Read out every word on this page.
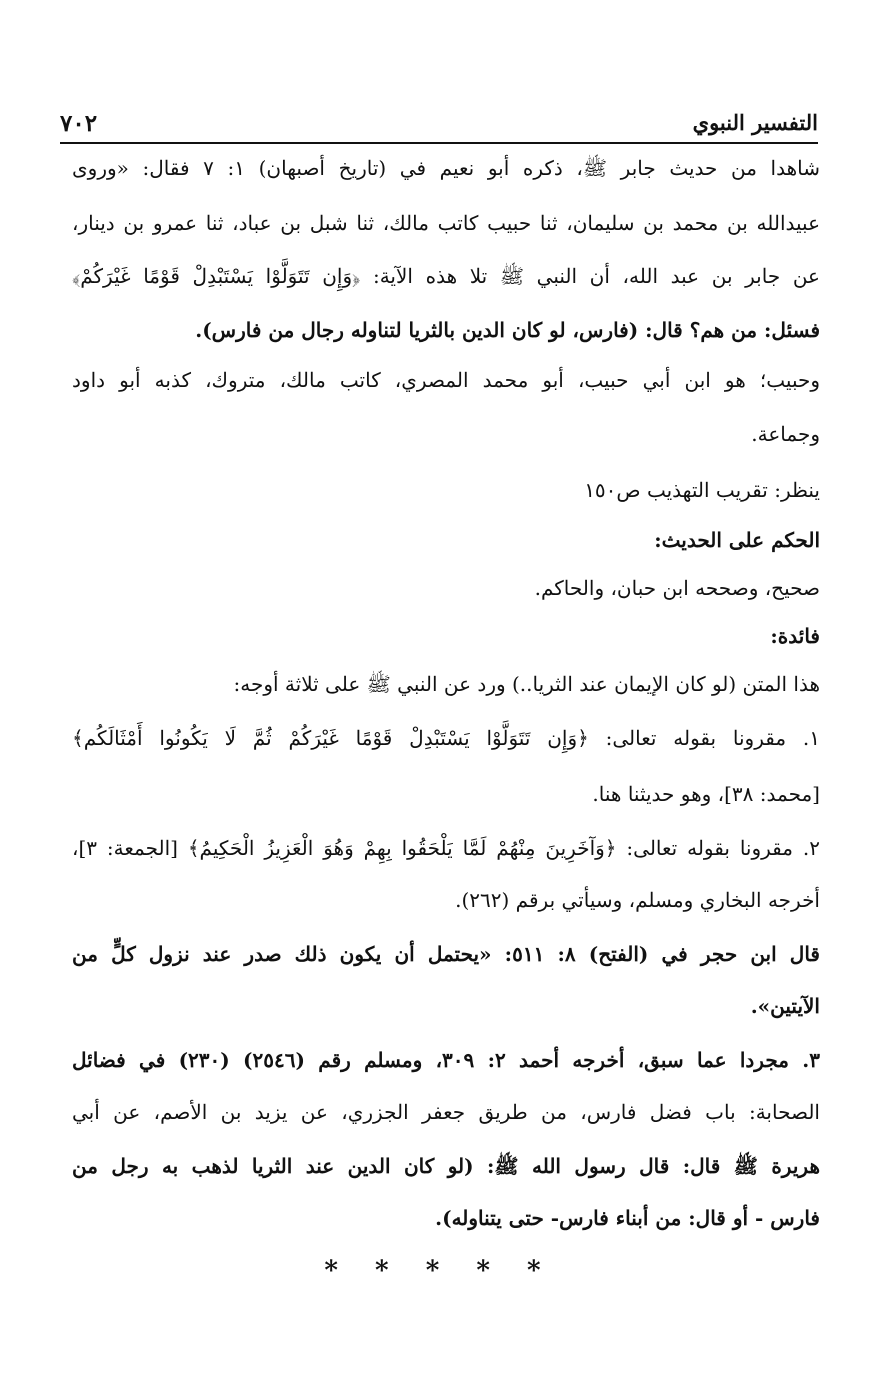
٧٠٢	التفسير النبوي
شاهدا من حديث جابر ﷺ، ذكره أبو نعيم في (تاريخ أصبهان) ١: ٧ فقال: «وروى
عبيدالله بن محمد بن سليمان، ثنا حبيب كاتب مالك، ثنا شبل بن عباد، ثنا عمرو بن دينار،
عن جابر بن عبد الله، أن النبي ﷺ تلا هذه الآية: ﴿وَإِن تَتَوَلَّوْا يَسْتَبْدِلْ قَوْمًا غَيْرَكُمْ﴾
فسئل: من هم؟ قال: (فارس، لو كان الدين بالثريا لتناوله رجال من فارس).
وحبيب؛ هو ابن أبي حبيب، أبو محمد المصري، كاتب مالك، متروك، كذبه أبو داود
وجماعة.
ينظر: تقريب التهذيب ص١٥٠
الحكم على الحديث:
صحيح، وصححه ابن حبان، والحاكم.
فائدة:
هذا المتن (لو كان الإيمان عند الثريا..) ورد عن النبي ﷺ على ثلاثة أوجه:
١. مقرونا بقوله تعالى: ﴿وَإِن تَتَوَلَّوْا يَسْتَبْدِلْ قَوْمًا غَيْرَكُمْ ثُمَّ لَا يَكُونُوا أَمْثَالَكُم﴾
[محمد: ٣٨]، وهو حديثنا هنا.
٢. مقرونا بقوله تعالى: ﴿وَآخَرِينَ مِنْهُمْ لَمَّا يَلْحَقُوا بِهِمْ وَهُوَ الْعَزِيزُ الْحَكِيمُ﴾ [الجمعة: ٣]،
أخرجه البخاري ومسلم، وسيأتي برقم (٢٦٢).
قال ابن حجر في (الفتح) ٨: ٥١١: «يحتمل أن يكون ذلك صدر عند نزول كلٍّ من
الآيتين».
٣. مجردا عما سبق، أخرجه أحمد ٢: ٣٠٩، ومسلم رقم (٢٥٤٦) (٢٣٠) في فضائل
الصحابة: باب فضل فارس، من طريق جعفر الجزري، عن يزيد بن الأصم، عن أبي
هريرة ﷺ قال: قال رسول الله ﷺ: (لو كان الدين عند الثريا لذهب به رجل من
فارس - أو قال: من أبناء فارس- حتى يتناوله).
* * * * *
